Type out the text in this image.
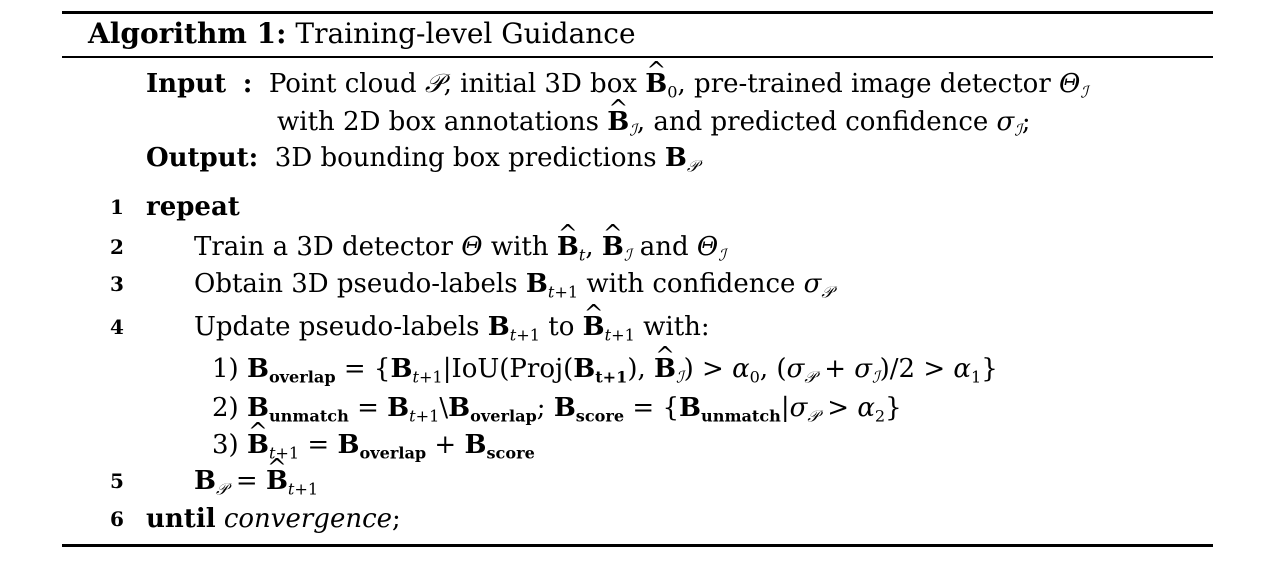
Algorithm 1: Training-level Guidance
Input : Point cloud 𝒫, initial 3D box ^ $B_0$, pre-trained image detector $\Theta_ℐ$
with 2D box annotations ^ $B_ℐ$, and predicted confidence $\sigma_ℐ$;
Output: 3D bounding box predictions $B_𝒫$
1 repeat
2	Train a 3D detector Θ with ^ $B_t$, ^ $B_ℐ$ and $\Theta_ℐ$
3	Obtain 3D pseudo-labels $B_{t+1}$ with confidence $\sigma_𝒫$
4	Update pseudo-labels $B_{t+1}$ to ^ $B_{t+1}$ with:
1) $B_{overlap}$ = {$B_{t+1}|IoU(Proj(B_{t+1})$, ^ $B_ℐ) > \alpha_0$, $(\sigma_𝒫 + \sigma_ℐ)/2 > \alpha_1$}
2) $B_{unmatch}$ = $B_{t+1}\backslash B_{overlap}$; $B_{score} = \{B_{unmatch}|\sigma_𝒫 > \alpha_2\}$
3) ^ $B_{t+1} = B_{overlap} + B_{score}$
5	$B_𝒫$ = ^ $B_{t+1}$
6 until convergence;
